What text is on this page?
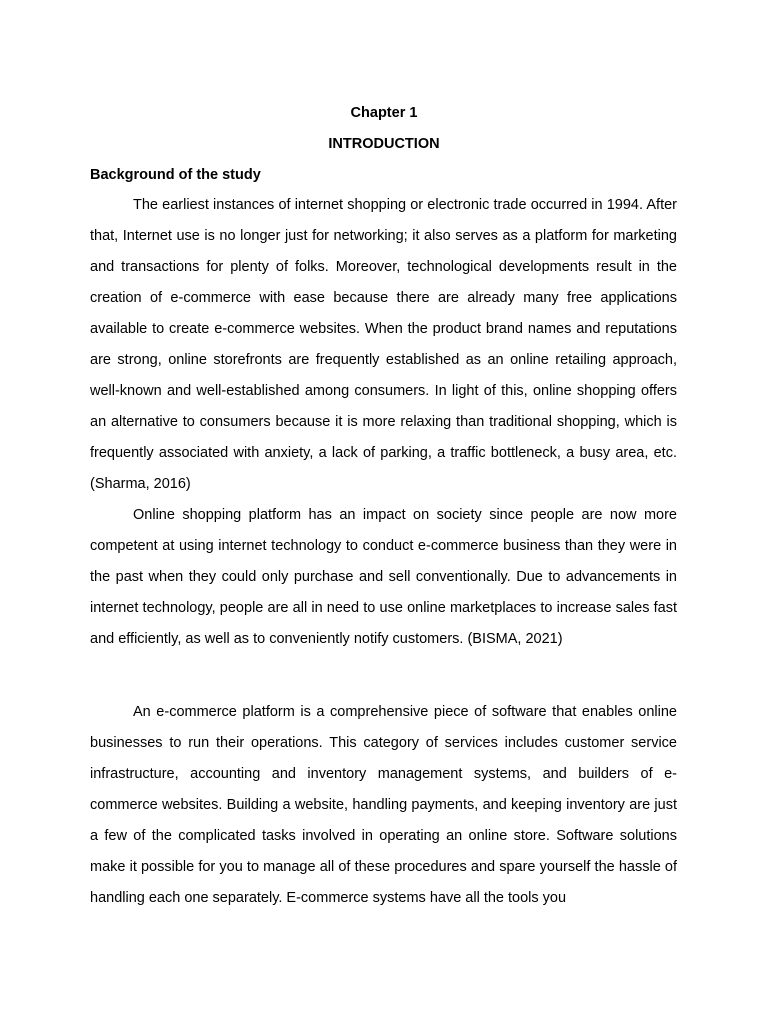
Chapter 1
INTRODUCTION
Background of the study

The earliest instances of internet shopping or electronic trade occurred in 1994. After that, Internet use is no longer just for networking; it also serves as a platform for marketing and transactions for plenty of folks. Moreover, technological developments result in the creation of e-commerce with ease because there are already many free applications available to create e-commerce websites. When the product brand names and reputations are strong, online storefronts are frequently established as an online retailing approach, well-known and well-established among consumers. In light of this, online shopping offers an alternative to consumers because it is more relaxing than traditional shopping, which is frequently associated with anxiety, a lack of parking, a traffic bottleneck, a busy area, etc. (Sharma, 2016)

Online shopping platform has an impact on society since people are now more competent at using internet technology to conduct e-commerce business than they were in the past when they could only purchase and sell conventionally. Due to advancements in internet technology, people are all in need to use online marketplaces to increase sales fast and efficiently, as well as to conveniently notify customers. (BISMA, 2021)

An e-commerce platform is a comprehensive piece of software that enables online businesses to run their operations. This category of services includes customer service infrastructure, accounting and inventory management systems, and builders of e-commerce websites. Building a website, handling payments, and keeping inventory are just a few of the complicated tasks involved in operating an online store. Software solutions make it possible for you to manage all of these procedures and spare yourself the hassle of handling each one separately. E-commerce systems have all the tools you
